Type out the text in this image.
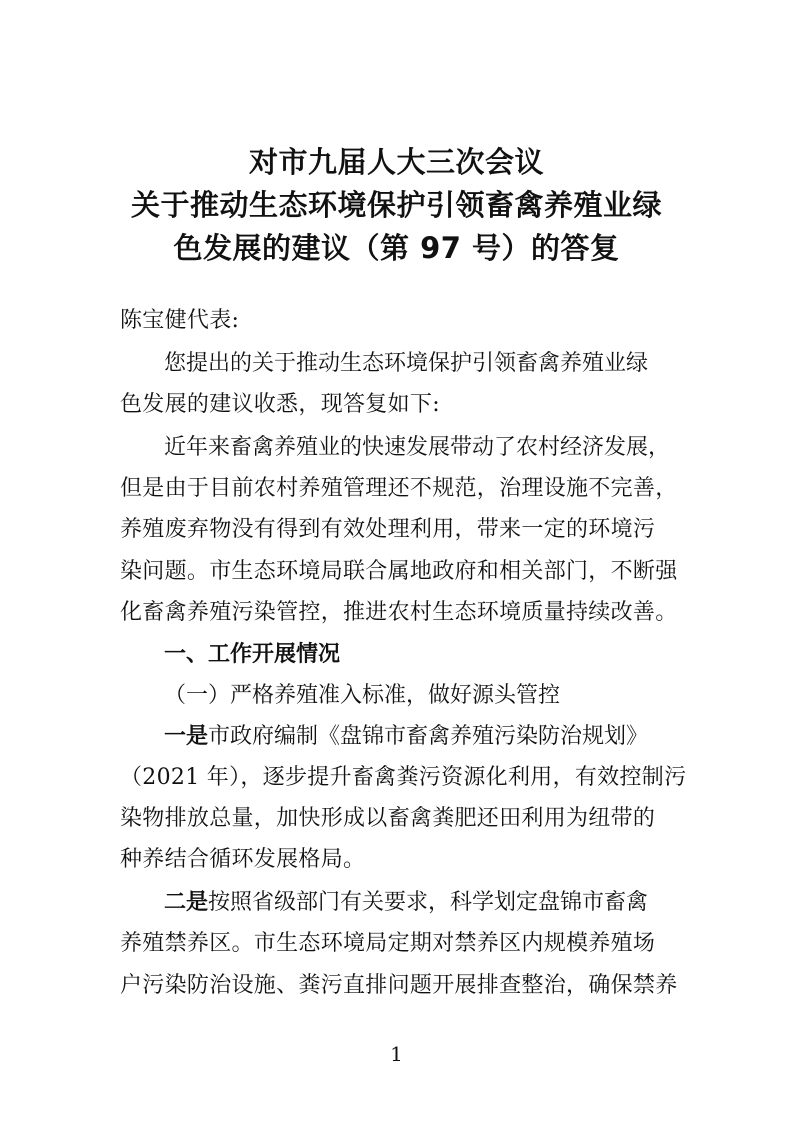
对市九届人大三次会议
关于推动生态环境保护引领畜禽养殖业绿
色发展的建议（第 97 号）的答复
陈宝健代表:
您提出的关于推动生态环境保护引领畜禽养殖业绿
色发展的建议收悉，现答复如下:
近年来畜禽养殖业的快速发展带动了农村经济发展，
但是由于目前农村养殖管理还不规范，治理设施不完善，
养殖废弃物没有得到有效处理利用，带来一定的环境污
染问题。市生态环境局联合属地政府和相关部门，不断强
化畜禽养殖污染管控，推进农村生态环境质量持续改善。
一、工作开展情况
（一）严格养殖准入标准，做好源头管控
一是市政府编制《盘锦市畜禽养殖污染防治规划》
（2021 年），逐步提升畜禽粪污资源化利用，有效控制污
染物排放总量，加快形成以畜禽粪肥还田利用为纽带的
种养结合循环发展格局。
二是按照省级部门有关要求，科学划定盘锦市畜禽
养殖禁养区。市生态环境局定期对禁养区内规模养殖场
户污染防治设施、粪污直排问题开展排查整治，确保禁养
1
